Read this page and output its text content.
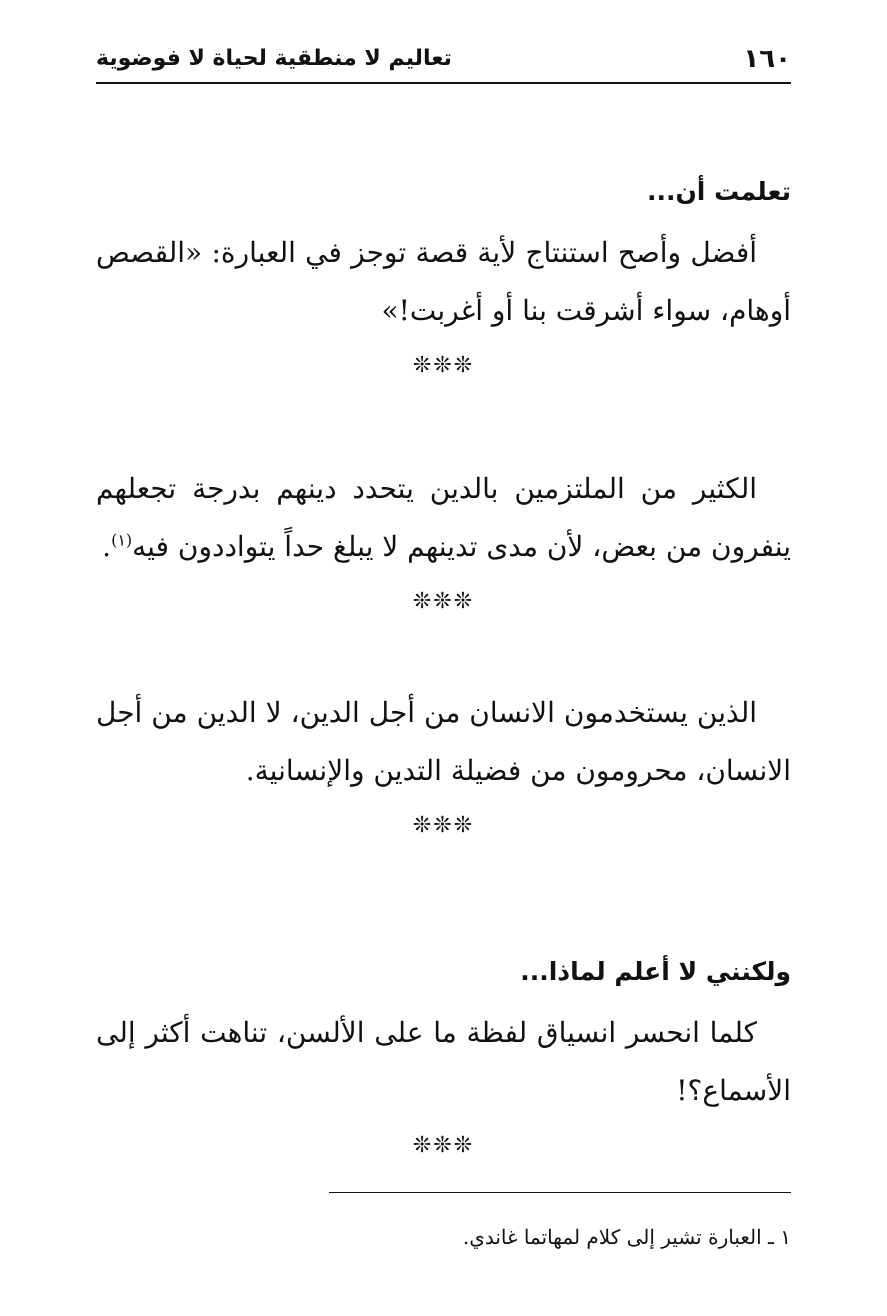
١٦٠
تعاليم لا منطقية لحياة لا فوضوية
تعلمت أن...

أفضل وأصح استنتاج لأية قصة توجز في العبارة: «القصص أوهام، سواء أشرقت بنا أو أغربت!»

❊❊❊

الكثير من الملتزمين بالدين يتحدد دينهم بدرجة تجعلهم ينفرون من بعض، لأن مدى تدينهم لا يبلغ حداً يتواددون فيه$^{(١)}$.

❊❊❊

الذين يستخدمون الانسان من أجل الدين، لا الدين من أجل الانسان، محرومون من فضيلة التدين والإنسانية.

❊❊❊
ولكنني لا أعلم لماذا...

كلما انحسر انسياق لفظة ما على الألسن، تناهت أكثر إلى الأسماع؟!

❊❊❊
١ ـ العبارة تشير إلى كلام لمهاتما غاندي.
